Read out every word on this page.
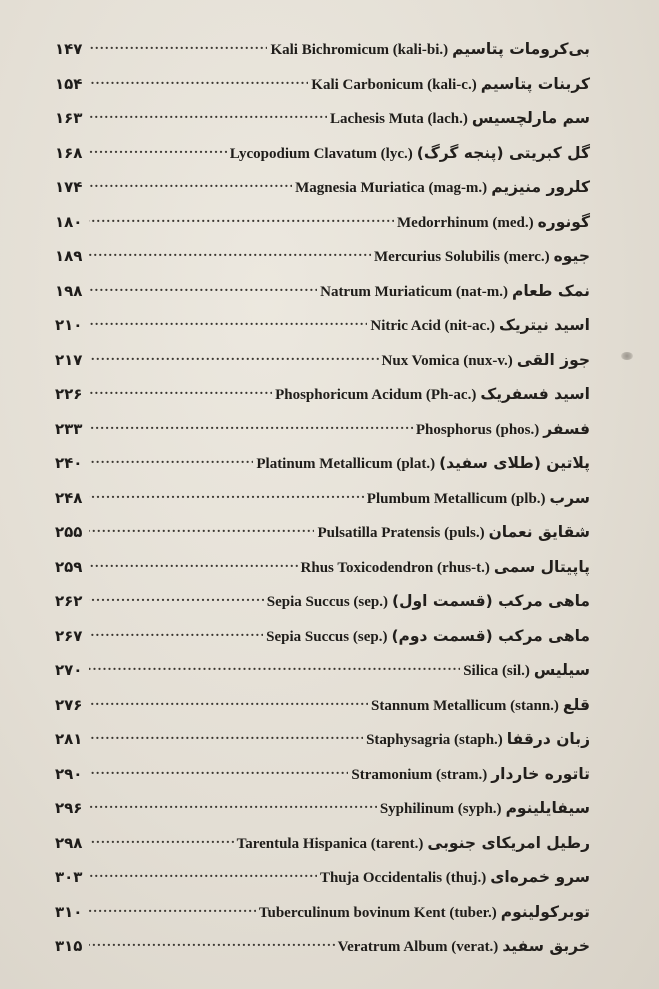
بی‌کرومات پتاسیم
Kali Bichromicum (kali-bi.)
. . .
۱۴۷
کربنات پتاسیم
Kali Carbonicum (kali-c.)
. . .
۱۵۴
سم مارلچسیس
Lachesis Muta (lach.)
. . .
۱۶۳
گل کبریتی (پنجه گرگ)
Lycopodium Clavatum (lyc.)
. . .
۱۶۸
کلرور منیزیم
Magnesia Muriatica (mag-m.)
. . .
۱۷۴
گونوره
Medorrhinum (med.)
. . .
۱۸۰
جیوه
Mercurius Solubilis (merc.)
. . .
۱۸۹
نمک طعام
Natrum Muriaticum (nat-m.)
. . .
۱۹۸
اسید نیتریک
Nitric Acid (nit-ac.)
. . .
۲۱۰
جوز القی
Nux Vomica (nux-v.)
. . .
۲۱۷
اسید فسفریک
Phosphoricum Acidum (Ph-ac.)
. . .
۲۲۶
فسفر
Phosphorus (phos.)
. . .
۲۳۳
پلاتین (طلای سفید)
Platinum Metallicum (plat.)
. . .
۲۴۰
سرب
Plumbum Metallicum (plb.)
. . .
۲۴۸
شقایق نعمان
Pulsatilla Pratensis (puls.)
. . .
۲۵۵
پاپیتال سمی
Rhus Toxicodendron (rhus-t.)
. . .
۲۵۹
ماهی مرکب (قسمت اول)
Sepia Succus (sep.)
. . .
۲۶۲
ماهی مرکب (قسمت دوم)
Sepia Succus (sep.)
. . .
۲۶۷
سیلیس
Silica (sil.)
. . .
۲۷۰
قلع
Stannum Metallicum (stann.)
. . .
۲۷۶
زبان درقفا
Staphysagria (staph.)
. . .
۲۸۱
تاتوره خاردار
Stramonium (stram.)
. . .
۲۹۰
سیفایلینوم
Syphilinum (syph.)
. . .
۲۹۶
رطیل امریکای جنوبی
Tarentula Hispanica (tarent.)
. . .
۲۹۸
سرو خمره‌ای
Thuja Occidentalis (thuj.)
. . .
۳۰۳
توبرکولینوم
Tuberculinum bovinum Kent (tuber.)
. . .
۳۱۰
خربق سفید
Veratrum Album (verat.)
. . .
۳۱۵
